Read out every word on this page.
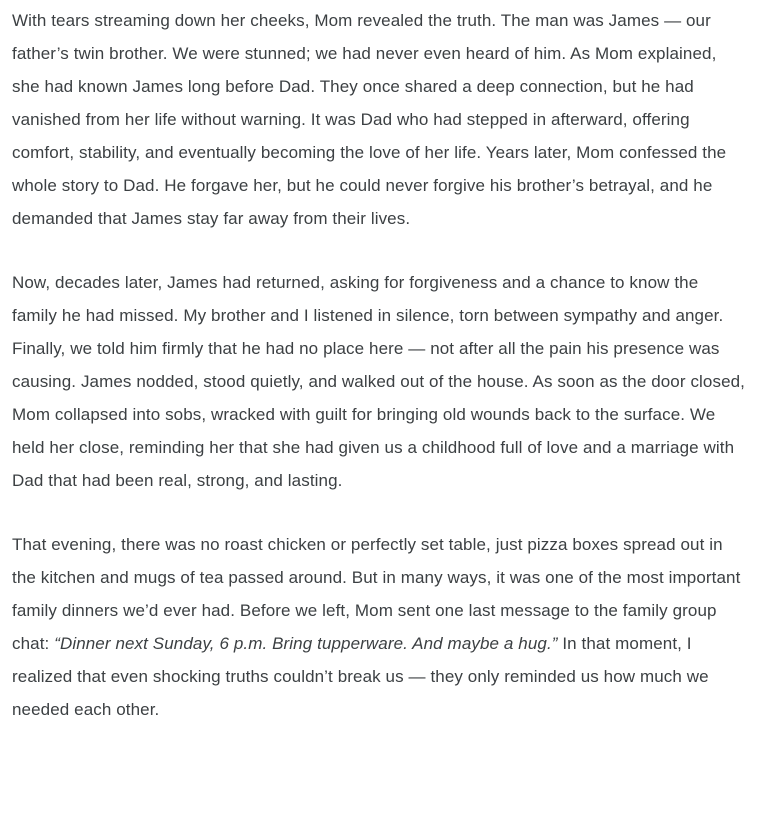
With tears streaming down her cheeks, Mom revealed the truth. The man was James — our father’s twin brother. We were stunned; we had never even heard of him. As Mom explained, she had known James long before Dad. They once shared a deep connection, but he had vanished from her life without warning. It was Dad who had stepped in afterward, offering comfort, stability, and eventually becoming the love of her life. Years later, Mom confessed the whole story to Dad. He forgave her, but he could never forgive his brother’s betrayal, and he demanded that James stay far away from their lives.

Now, decades later, James had returned, asking for forgiveness and a chance to know the family he had missed. My brother and I listened in silence, torn between sympathy and anger. Finally, we told him firmly that he had no place here — not after all the pain his presence was causing. James nodded, stood quietly, and walked out of the house. As soon as the door closed, Mom collapsed into sobs, wracked with guilt for bringing old wounds back to the surface. We held her close, reminding her that she had given us a childhood full of love and a marriage with Dad that had been real, strong, and lasting.

That evening, there was no roast chicken or perfectly set table, just pizza boxes spread out in the kitchen and mugs of tea passed around. But in many ways, it was one of the most important family dinners we’d ever had. Before we left, Mom sent one last message to the family group chat: “Dinner next Sunday, 6 p.m. Bring tupperware. And maybe a hug.” In that moment, I realized that even shocking truths couldn’t break us — they only reminded us how much we needed each other.
